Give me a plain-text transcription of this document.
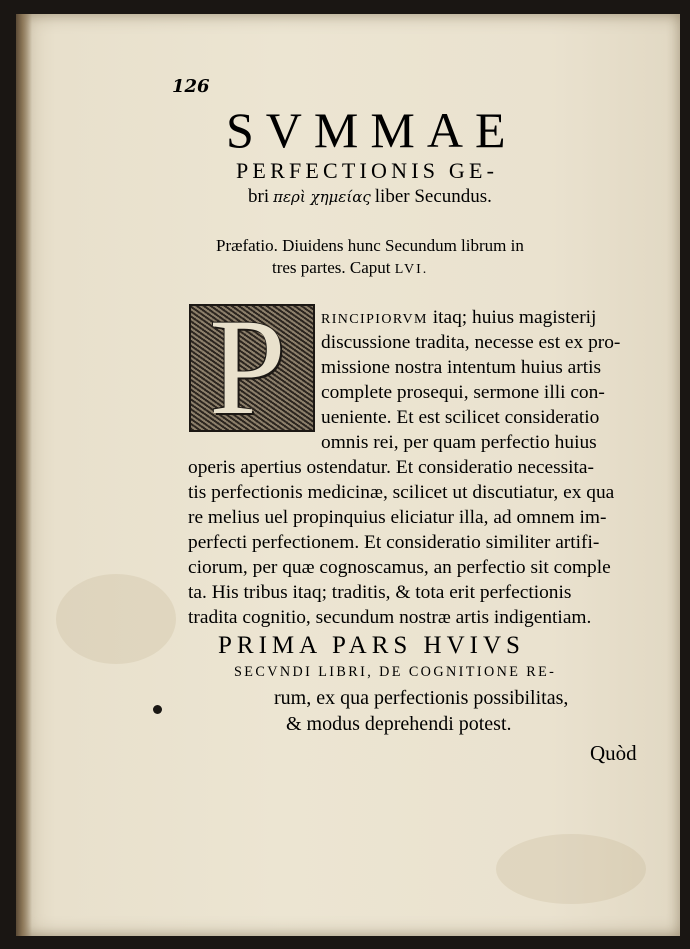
126
SVMMAE
PERFECTIONIS GE-
bri περὶ χημείας liber Secundus.
Præfatio. Diuidens hunc Secundum librum in
tres partes. Caput LVI.
P	RINCIPIORVM itaq; huius magisterij
discussione tradita, necesse est ex pro-
missione nostra intentum huius artis
complete prosequi, sermone illi con-
ueniente. Et est scilicet consideratio
omnis rei, per quam perfectio huius
operis apertius ostendatur. Et consideratio necessita-
tis perfectionis medicinæ, scilicet ut discutiatur, ex qua
re melius uel propinquius eliciatur illa, ad omnem im-
perfecti perfectionem. Et consideratio similiter artifi-
ciorum, per quæ cognoscamus, an perfectio sit comple
ta. His tribus itaq; traditis, & tota erit perfectionis
tradita cognitio, secundum nostræ artis indigentiam.
PRIMA PARS HVIVS
SECVNDI LIBRI, DE COGNITIONE RE-
rum, ex qua perfectionis possibilitas,
& modus deprehendi potest.
Quòd
